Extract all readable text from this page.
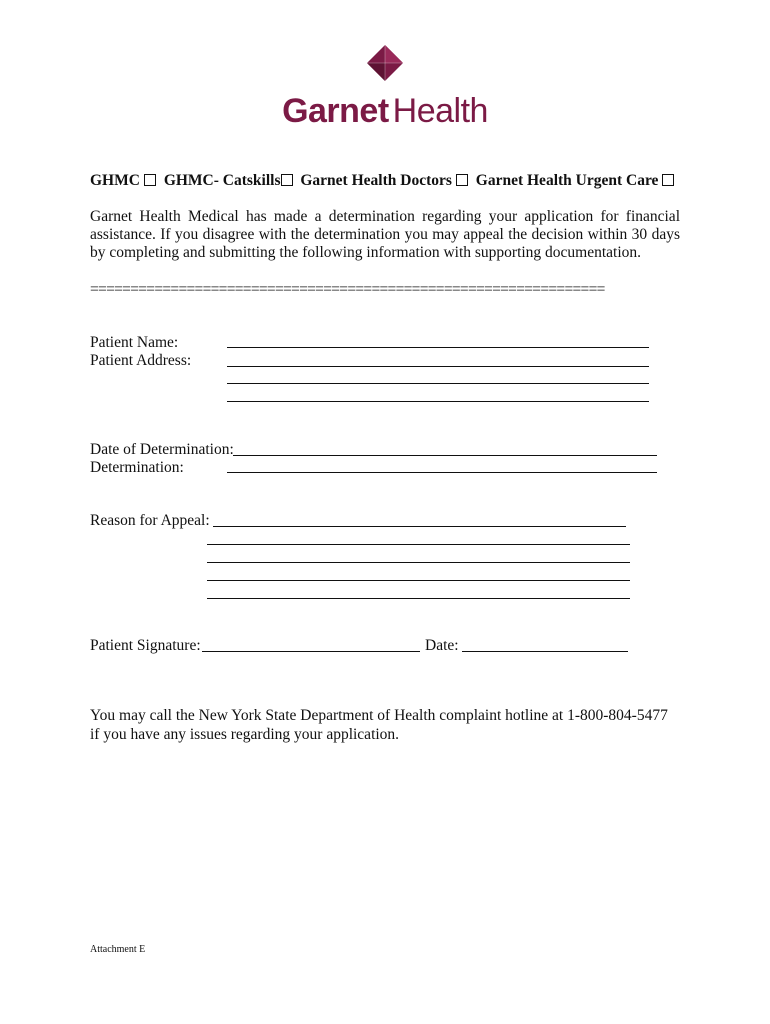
Garnet Health
GHMC GHMC- Catskills Garnet Health Doctors Garnet Health Urgent Care
Garnet Health Medical has made a determination regarding your application for financial assistance. If you disagree with the determination you may appeal the decision within 30 days by completing and submitting the following information with supporting documentation.
================================================================
Patient Name:
Patient Address:
Date of Determination:
Determination:
Reason for Appeal:
Patient Signature:	Date:
You may call the New York State Department of Health complaint hotline at 1-800-804-5477 if you have any issues regarding your application.
Attachment E
